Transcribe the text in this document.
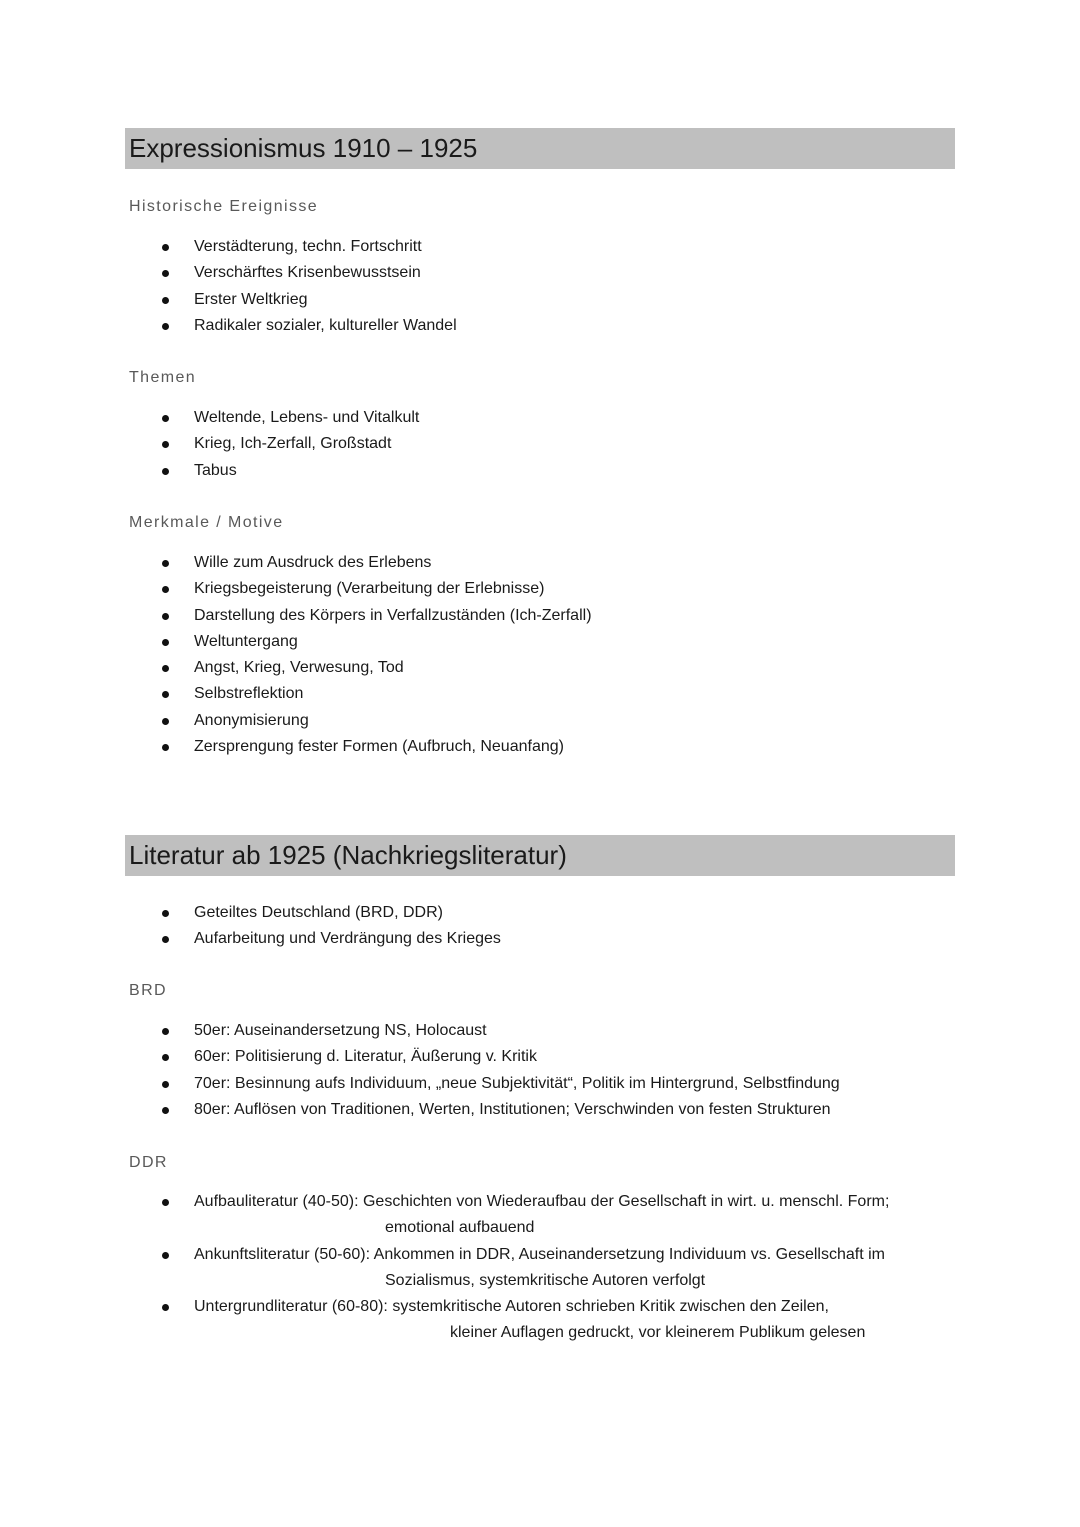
Expressionismus 1910 – 1925
Historische Ereignisse
Verstädterung, techn. Fortschritt
Verschärftes Krisenbewusstsein
Erster Weltkrieg
Radikaler sozialer, kultureller Wandel
Themen
Weltende, Lebens- und Vitalkult
Krieg, Ich-Zerfall, Großstadt
Tabus
Merkmale / Motive
Wille zum Ausdruck des Erlebens
Kriegsbegeisterung (Verarbeitung der Erlebnisse)
Darstellung des Körpers in Verfallzuständen (Ich-Zerfall)
Weltuntergang
Angst, Krieg, Verwesung, Tod
Selbstreflektion
Anonymisierung
Zersprengung fester Formen (Aufbruch, Neuanfang)
Literatur ab 1925 (Nachkriegsliteratur)
Geteiltes Deutschland (BRD, DDR)
Aufarbeitung und Verdrängung des Krieges
BRD
50er: Auseinandersetzung NS, Holocaust
60er: Politisierung d. Literatur, Äußerung v. Kritik
70er: Besinnung aufs Individuum, „neue Subjektivität“, Politik im Hintergrund, Selbstfindung
80er: Auflösen von Traditionen, Werten, Institutionen; Verschwinden von festen Strukturen
DDR
Aufbauliteratur (40-50): Geschichten von Wiederaufbau der Gesellschaft in wirt. u. menschl. Form;
emotional aufbauend
Ankunftsliteratur (50-60): Ankommen in DDR, Auseinandersetzung Individuum vs. Gesellschaft im
Sozialismus, systemkritische Autoren verfolgt
Untergrundliteratur (60-80): systemkritische Autoren schrieben Kritik zwischen den Zeilen,
kleiner Auflagen gedruckt, vor kleinerem Publikum gelesen
